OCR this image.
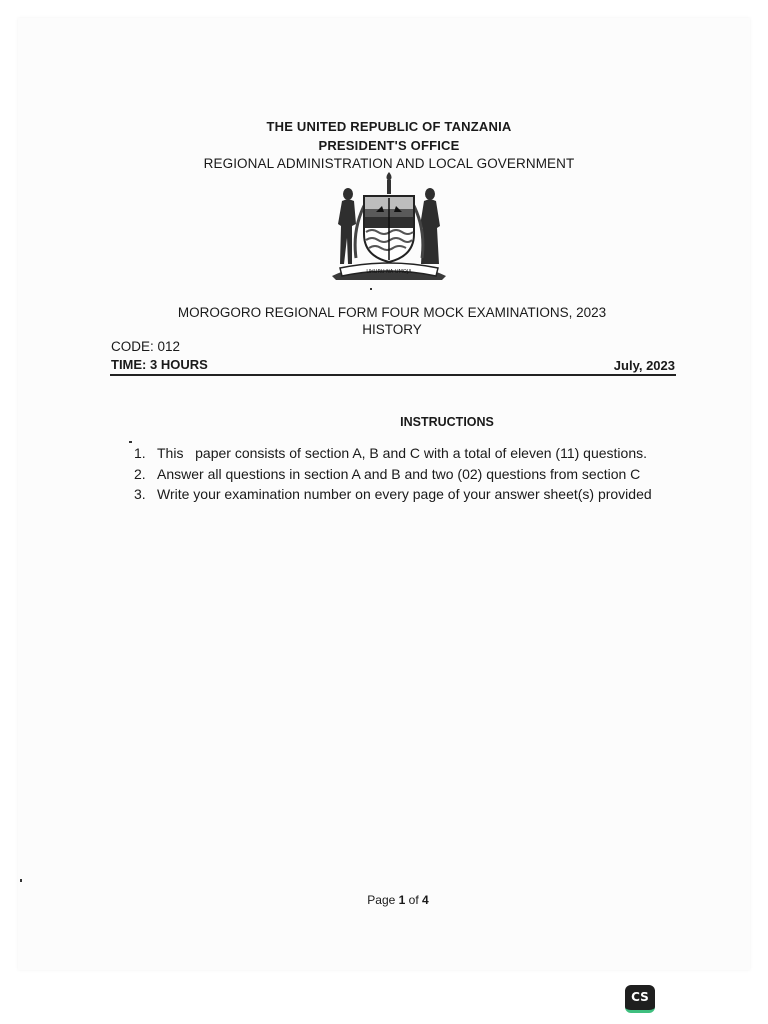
THE UNITED REPUBLIC OF TANZANIA
PRESIDENT'S OFFICE
REGIONAL ADMINISTRATION AND LOCAL GOVERNMENT
UHURU NA UMOJA
MOROGORO REGIONAL FORM FOUR MOCK EXAMINATIONS, 2023
HISTORY
CODE: 012
TIME: 3 HOURS	July, 2023
INSTRUCTIONS
1. This   paper consists of section A, B and C with a total of eleven (11) questions.
2. Answer all questions in section A and B and two (02) questions from section C
3. Write your examination number on every page of your answer sheet(s) provided
Page 1 of 4
CS
